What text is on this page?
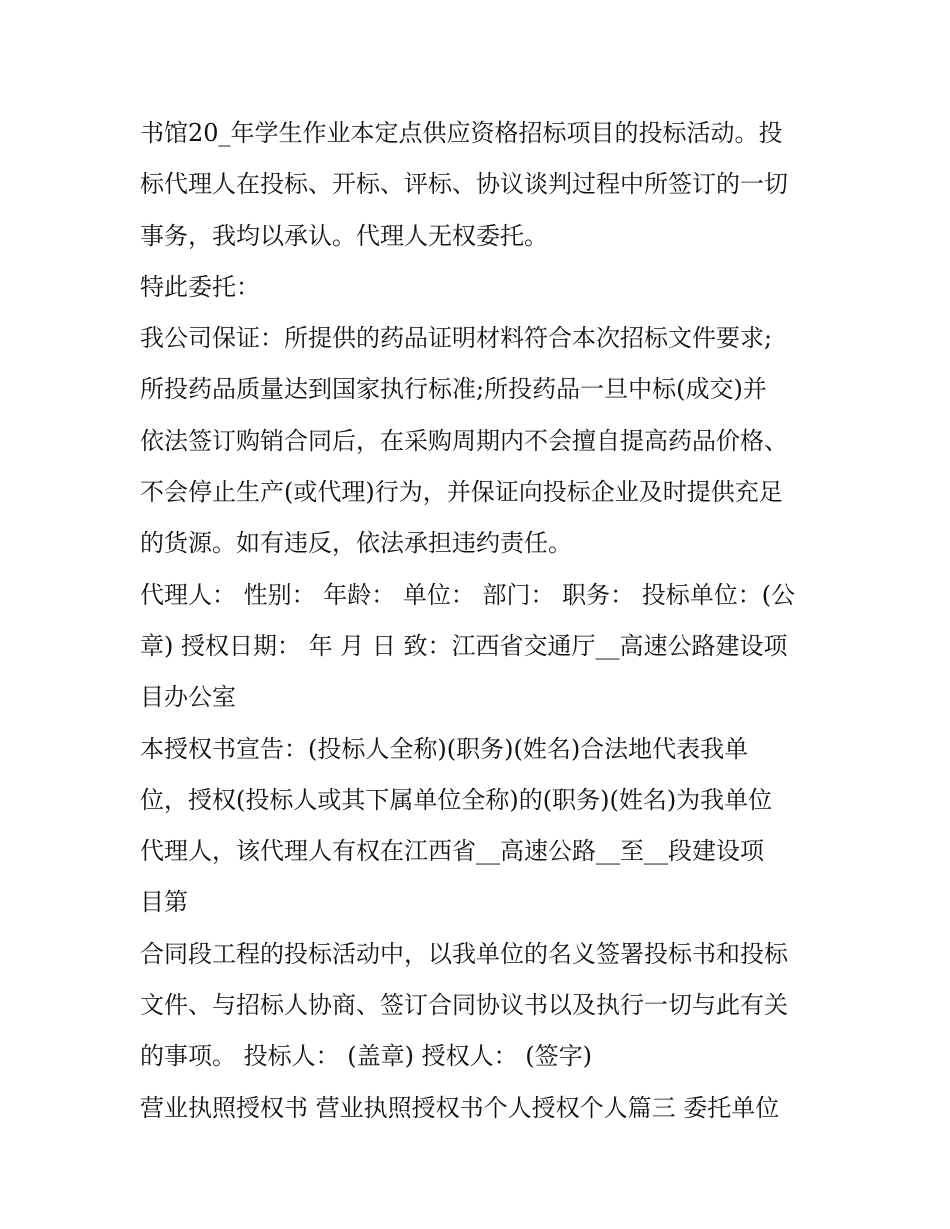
书馆20_年学生作业本定点供应资格招标项目的投标活动。投
标代理人在投标、开标、评标、协议谈判过程中所签订的一切
事务，我均以承认。代理人无权委托。
特此委托：
我公司保证：所提供的药品证明材料符合本次招标文件要求;
所投药品质量达到国家执行标准;所投药品一旦中标(成交)并
依法签订购销合同后，在采购周期内不会擅自提高药品价格、
不会停止生产(或代理)行为，并保证向投标企业及时提供充足
的货源。如有违反，依法承担违约责任。
代理人： 性别： 年龄： 单位： 部门： 职务： 投标单位：(公
章) 授权日期： 年 月 日 致：江西省交通厅__高速公路建设项
目办公室
本授权书宣告：(投标人全称)(职务)(姓名)合法地代表我单
位，授权(投标人或其下属单位全称)的(职务)(姓名)为我单位
代理人，该代理人有权在江西省__高速公路__至__段建设项
目第
合同段工程的投标活动中，以我单位的名义签署投标书和投标
文件、与招标人协商、签订合同协议书以及执行一切与此有关
的事项。 投标人： (盖章) 授权人： (签字)
营业执照授权书 营业执照授权书个人授权个人篇三 委托单位
